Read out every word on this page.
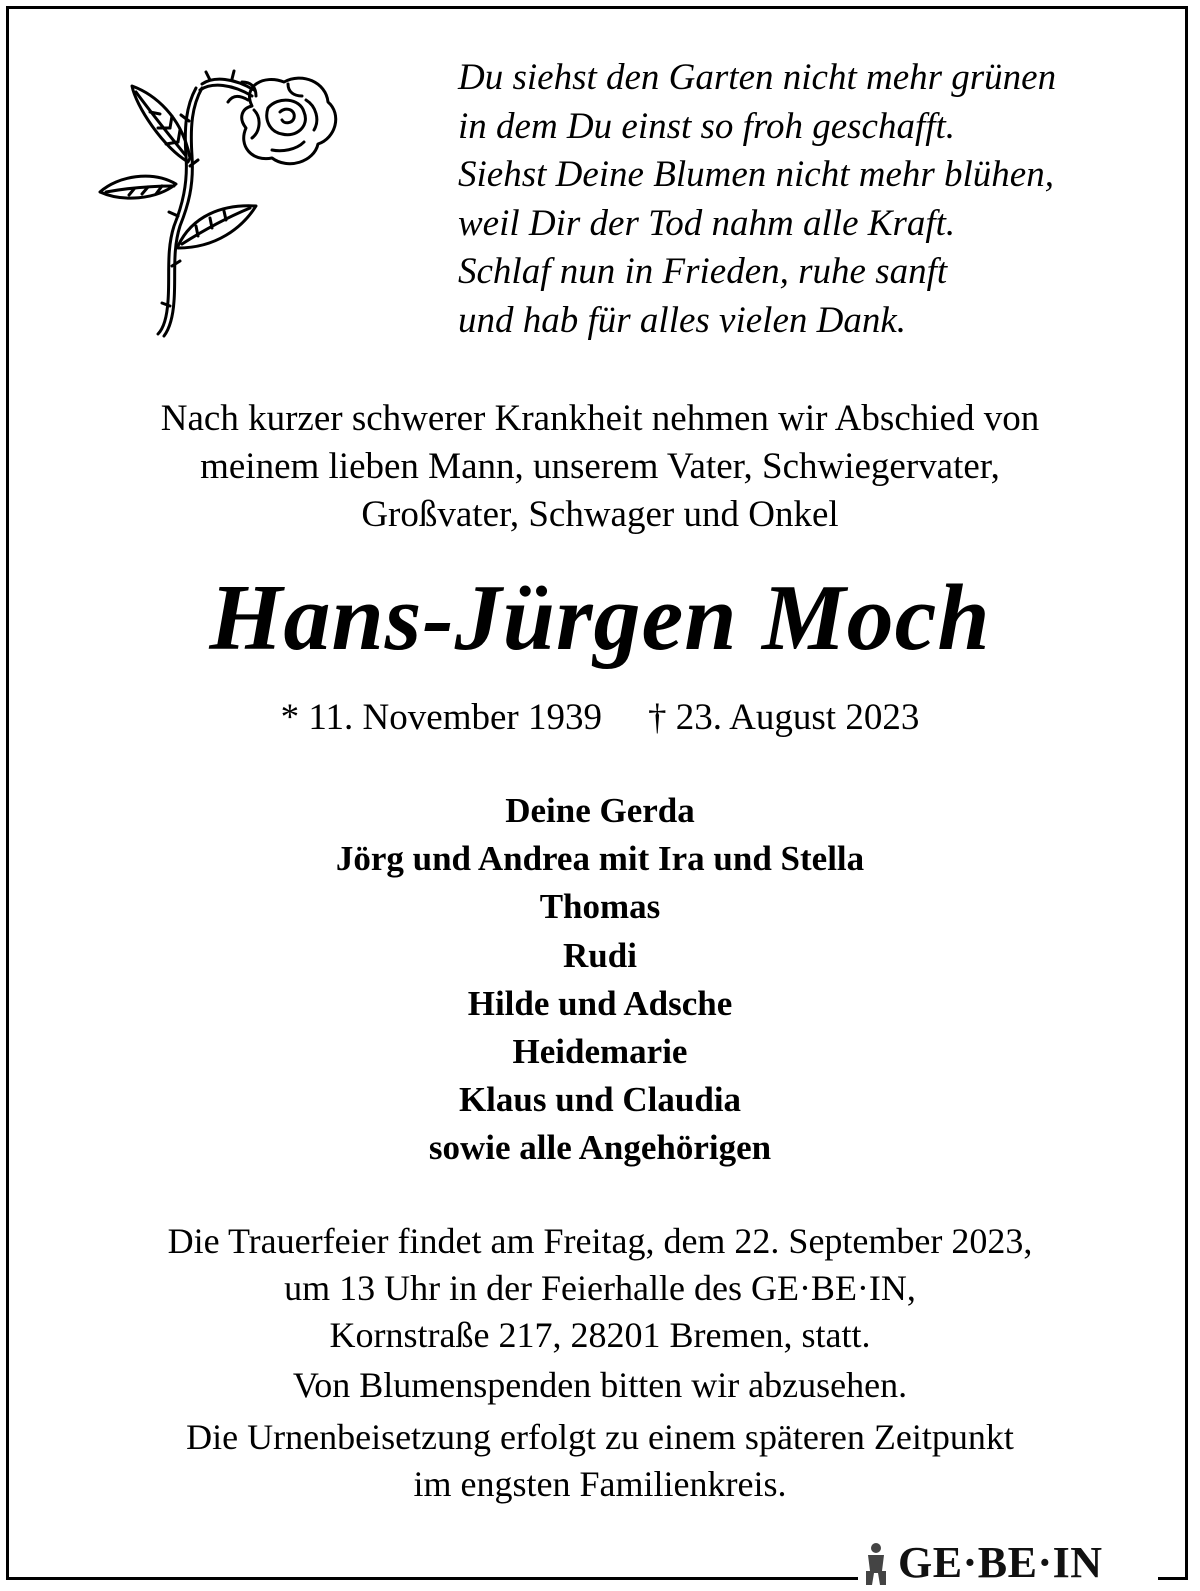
Du siehst den Garten nicht mehr grünen
in dem Du einst so froh geschafft.
Siehst Deine Blumen nicht mehr blühen,
weil Dir der Tod nahm alle Kraft.
Schlaf nun in Frieden, ruhe sanft
und hab für alles vielen Dank.
Nach kurzer schwerer Krankheit nehmen wir Abschied von
meinem lieben Mann, unserem Vater, Schwiegervater,
Großvater, Schwager und Onkel
Hans-Jürgen Moch
* 11. November 1939 † 23. August 2023
Deine Gerda
Jörg und Andrea mit Ira und Stella
Thomas
Rudi
Hilde und Adsche
Heidemarie
Klaus und Claudia
sowie alle Angehörigen
Die Trauerfeier findet am Freitag, dem 22. September 2023,
um 13 Uhr in der Feierhalle des GE·BE·IN,
Kornstraße 217, 28201 Bremen, statt.
Von Blumenspenden bitten wir abzusehen.
Die Urnenbeisetzung erfolgt zu einem späteren Zeitpunkt
im engsten Familienkreis.
GE·BE·IN
